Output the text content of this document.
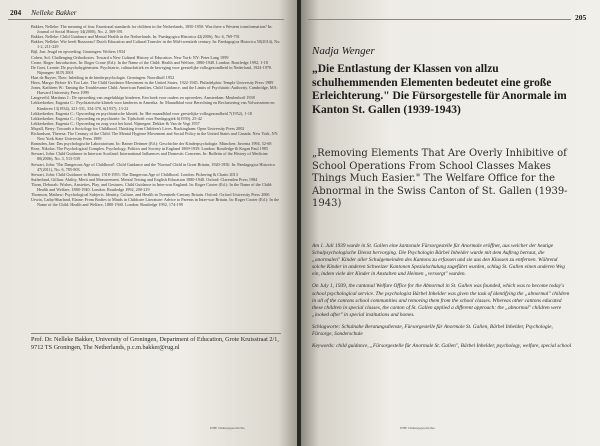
204 Nelleke Bakker

Bakker, Nelleke: The meaning of fear. Emotional standards for children in the Netherlands, 1850-1950: Was there a Western transformation? In: Journal of Social History 34(2000), No. 2, 369-391

Bakker, Nelleke: Child Guidance and Mental Health in the Netherlands. In: Paedagogica Historica 42(2006), No. 6, 769-791

Bakker, Nelleke: Wie heeft Rousseau? Dutch Education and Cultural Transfer in the Mid-twentieth century. In: Paedagogica Historica 50(2014), No. 1-2, 211-229

Bijl, Jan: Jeugd en opvoeding. Groningen: Wolters 1934

Cohen, Sol: Challenging Orthodoxies. Toward a New Cultural History of Education. New York: NY: Peter Lang 1999

Crone, Roger: Introduction. In: Roger Crone (Ed.): In the Name of the Child: Health and Welfare, 1880-1940. London: Routledge 1992, 1-18

De Goei, Leonie: De psychohygiënisten. Psychiatrie, cultuurkritiek en de beweging voor geestelijke volksgezondheid in Nederland, 1924-1970. Nijmegen: SUN 2001

Hart de Ruyter, Theo: Inleiding in de kinderpsychologie. Groningen: Noordhoff 1952

Horn, Margo: Before It's Too Late. The Child Guidance Movement in the United States, 1922-1945. Philadelphia: Temple University Press 1989

Jones, Kathleen W.: Taming the Troublesome Child. American Families, Child Guidance, and the Limits of Psychiatric Authority. Cambridge, MA: Harvard University Press 1999

Langeveld, Martinus J.: De opvoeding van ongelukkige kinderen. Een boek voor ouders en opvoeders. Amsterdam: Meulenhoff 1938

Lekkerkerker, Eugenia C.: Psychiatrische kliniek voor kinderen in Amerika. In: Maandblad voor Berechting en Reclassering van Volwassenen en Kinderen 13(1934), 321-331, 354-370, 6(1937), 13-22

Lekkerkerker, Eugenia C.: Opvoeding en psychiatrische kliniek. In: Het maandblad voor geestelijke volksgezondheid 7(1952), 1-18

Lekkerkerker, Eugenia C.: Opvoeding en psychiatrie. In: Tijdschrift voor Paedagogiek 6(1939), 25-42

Lekkerkerker, Eugenia C.: Opvoeding en zorg voor het kind. Nijmegen: Dekker & Van de Vegt 1957

Mayall, Berry: Towards a Sociology for Childhood. Thinking from Children's Lives. Buckingham: Open University Press 2002

Richardson, Theresa: The Century of the Child. The Mental Hygiene Movement and Social Policy in the United States and Canada. New York, NY: New York State University Press 1989

Ramsden, Jan: Das psychologische Laboratorium. In: Rainer Dettmer (Ed.): Geschichte der Kinderpsychologie. München: Juventa 1994, 52-68

Rose, Nikolas: The Psychological Complex. Psychology, Politics and Society in England 1869-1939. London: Routledge & Kegan Paul 1985

Stewart, John: Child Guidance in Interwar Scotland: International Influences and Domestic Concerns. In: Bulletin of the History of Medicine 80(2006), No. 3, 513-539

Stewart, John: 'The Dangerous Age of Childhood': Child Guidance and the 'Normal' Child in Great Britain, 1920-1950. In: Paedagogica Historica 47(2011), No. 6, 785-803

Stewart, John: Child Guidance in Britain, 1918-1955: The Dangerous Age of Childhood. London: Pickering & Chatto 2013

Sutherland, Gillian: Ability, Merit and Measurement. Mental Testing and English Education 1880-1940. Oxford: Clarendon Press 1984

Thom, Deborah: Wishes, Anxieties, Play, and Gestures. Child Guidance in Inter-war England. In: Roger Cooter (Ed.): In the Name of the Child: Health and Welfare, 1880-1940. London: Routledge 1992, 200-219

Thomson, Mathew: Psychological Subjects. Identity, Culture, and Health in Twentieth-Century Britain. Oxford: Oxford University Press 2006

Urwin, Cathy/Sharland, Elaine: From Bodies to Minds in Childcare Literature: Advice to Parents in Inter-war Britain. In: Roger Cooter (Ed.): In the Name of the Child: Health and Welfare, 1880-1940. London: Routledge 1992, 174-199

Prof. Dr. Nelleke Bakker, University of Groningen, Department of Education, Grote Kruisstraat 2/1, 9712 TS Groningen, The Netherlands, p.c.m.bakker@rug.nl
IJHE bildungsgeschichte
205
Nadja Wenger
„Die Entlastung der Klassen von allzu schulhemmenden Elementen bedeutet eine große Erleichterung." Die Fürsorgestelle für Anormale im Kanton St. Gallen (1939-1943)
„Removing Elements That Are Overly Inhibitive of School Operations From School Classes Makes Things Much Easier." The Welfare Office for the Abnormal in the Swiss Canton of St. Gallen (1939-1943)

Am 1. Juli 1939 wurde in St. Gallen eine kantonale Fürsorgestelle für Anormale eröffnet, aus welcher der heutige Schulpsychologische Dienst hervorging. Die Psychologin Bärbel Inhelder wurde mit dem Auftrag betraut, die „anormalen" Kinder aller Schulgemeinden des Kantons zu erfassen und sie aus den Klassen zu entfernen. Während solche Kinder in anderen Schweizer Kantonen Spezialschulung zugeführt wurden, schlug St. Gallen einen anderen Weg ein, indem viele der Kinder in Anstalten und Heimen „versorgt" wurden.

On July 1, 1939, the cantonal Welfare Office for the Abnormal in St. Gallen was founded, which was to become today's school psychological service. The psychologist Bärbel Inhelder was given the task of identifying the „abnormal" children in all of the cantons school communities and removing them from the school classes. Whereas other cantons educated these children in special classes, the canton of St. Gallen applied a different approach: the „abnormal" children were „looked after" in special institutions and homes.

Schlagworte: Schulnahe Beratungsdienste, Fürsorgestelle für Anormale St. Gallen, Bärbel Inhelder, Psychologie, Fürsorge, Sonderschule

Keywords: child guidance, „Fürsorgestelle für Anormale St. Gallen", Bärbel Inhelder, psychology, welfare, special school

IJHE bildungsgeschichte
